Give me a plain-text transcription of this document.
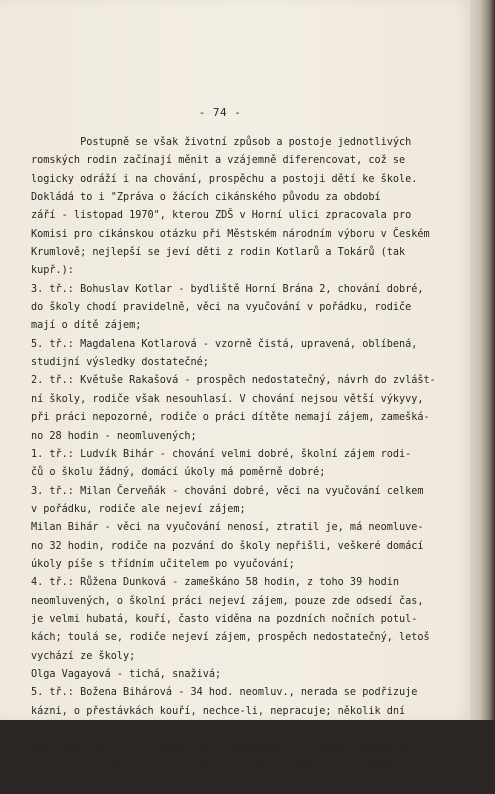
- 74 -
Postupně se však životní způsob a postoje jednotlivých
romských rodin začínají měnit a vzájemně diferencovat, což se
logicky odráží i na chování, prospěchu a postoji dětí ke škole.
Dokládá to i "Zpráva o žácích cikánského původu za období
září - listopad 1970", kterou ZDŠ v Horní ulici zpracovala pro
Komisi pro cikánskou otázku při Městském národním výboru v Českém
Krumlově; nejlepší se jeví děti z rodin Kotlarů a Tokárů (tak
kupř.):
3. tř.: Bohuslav Kotlar - bydliště Horní Brána 2, chování dobré,
do školy chodí pravidelně, věci na vyučování v pořádku, rodiče
mají o dítě zájem;
5. tř.: Magdalena Kotlarová - vzorně čistá, upravená, oblíbená,
studijní výsledky dostatečné;
2. tř.: Květuše Rakašová - prospěch nedostatečný, návrh do zvlášt-
ní školy, rodiče však nesouhlasí. V chování nejsou větší výkyvy,
při práci nepozorné, rodiče o práci dítěte nemají zájem, zamešká-
no 28 hodin - neomluvených;
1. tř.: Ludvík Bihár - chování velmi dobré, školní zájem rodi-
čů o školu žádný, domácí úkoly má poměrně dobré;
3. tř.: Milan Červeňák - chování dobré, věci na vyučování celkem
v pořádku, rodiče ale nejeví zájem;
Milan Bihár - věci na vyučování nenosí, ztratil je, má neomluve-
no 32 hodin, rodiče na pozvání do školy nepřišli, veškeré domácí
úkoly píše s třídním učitelem po vyučování;
4. tř.: Růžena Dunková - zameškáno 58 hodin, z toho 39 hodin
neomluvených, o školní práci nejeví zájem, pouze zde odsedí čas,
je velmi hubatá, kouří, často viděna na pozdních nočních potul-
kách; toulá se, rodiče nejeví zájem, prospěch nedostatečný, letoš
vychází ze školy;
Olga Vagayová - tichá, snaživá;
5. tř.: Božena Bihárová - 34 hod. neomluv., nerada se podřizuje
kázni, o přestávkách kouří, nechce-li, nepracuje; několik dní
nenosila do školy aktovku s učebními pomůckami; v současné době
píše neuhledně jen tužkou; její kamarádka je Růžena Dunková ze
4. tř. - navštěvují spolu večerní filmová představení; bývá
i přes noc mimo domov, po přestávkách se někdy nevrací do školy,
